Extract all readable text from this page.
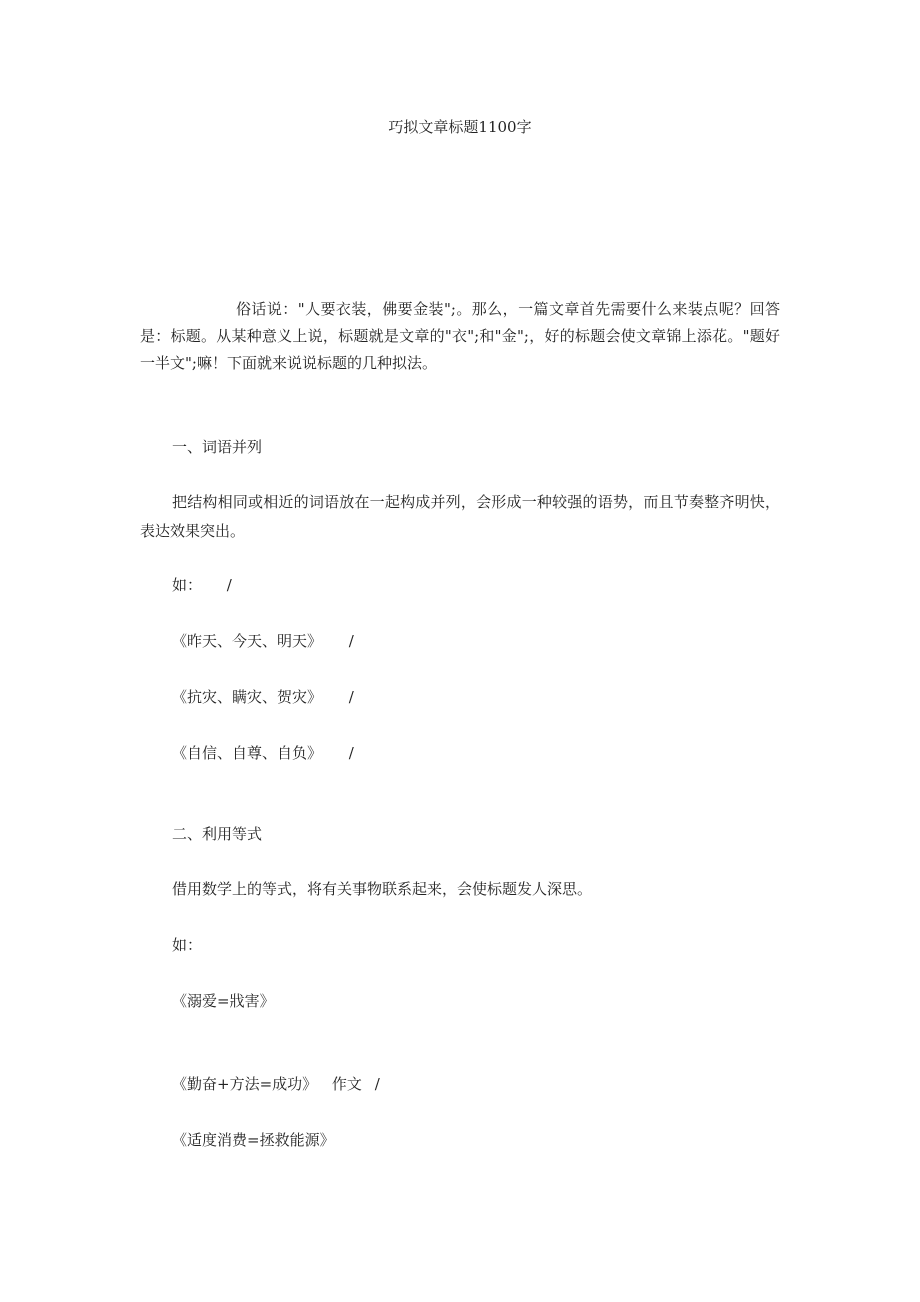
巧拟文章标题1100字
俗话说："人要衣装，佛要金装";。那么，一篇文章首先需要什么来装点呢？回答是：标题。从某种意义上说，标题就是文章的"衣";和"金";，好的标题会使文章锦上添花。"题好一半文";嘛！下面就来说说标题的几种拟法。
一、词语并列
把结构相同或相近的词语放在一起构成并列，会形成一种较强的语势，而且节奏整齐明快，表达效果突出。
如： /
《昨天、今天、明天》 /
《抗灾、瞒灾、贺灾》 /
《自信、自尊、自负》 /
二、利用等式
借用数学上的等式，将有关事物联系起来，会使标题发人深思。
如：
《溺爱=戕害》
《勤奋+方法=成功》 作文 /
《适度消费=拯救能源》
